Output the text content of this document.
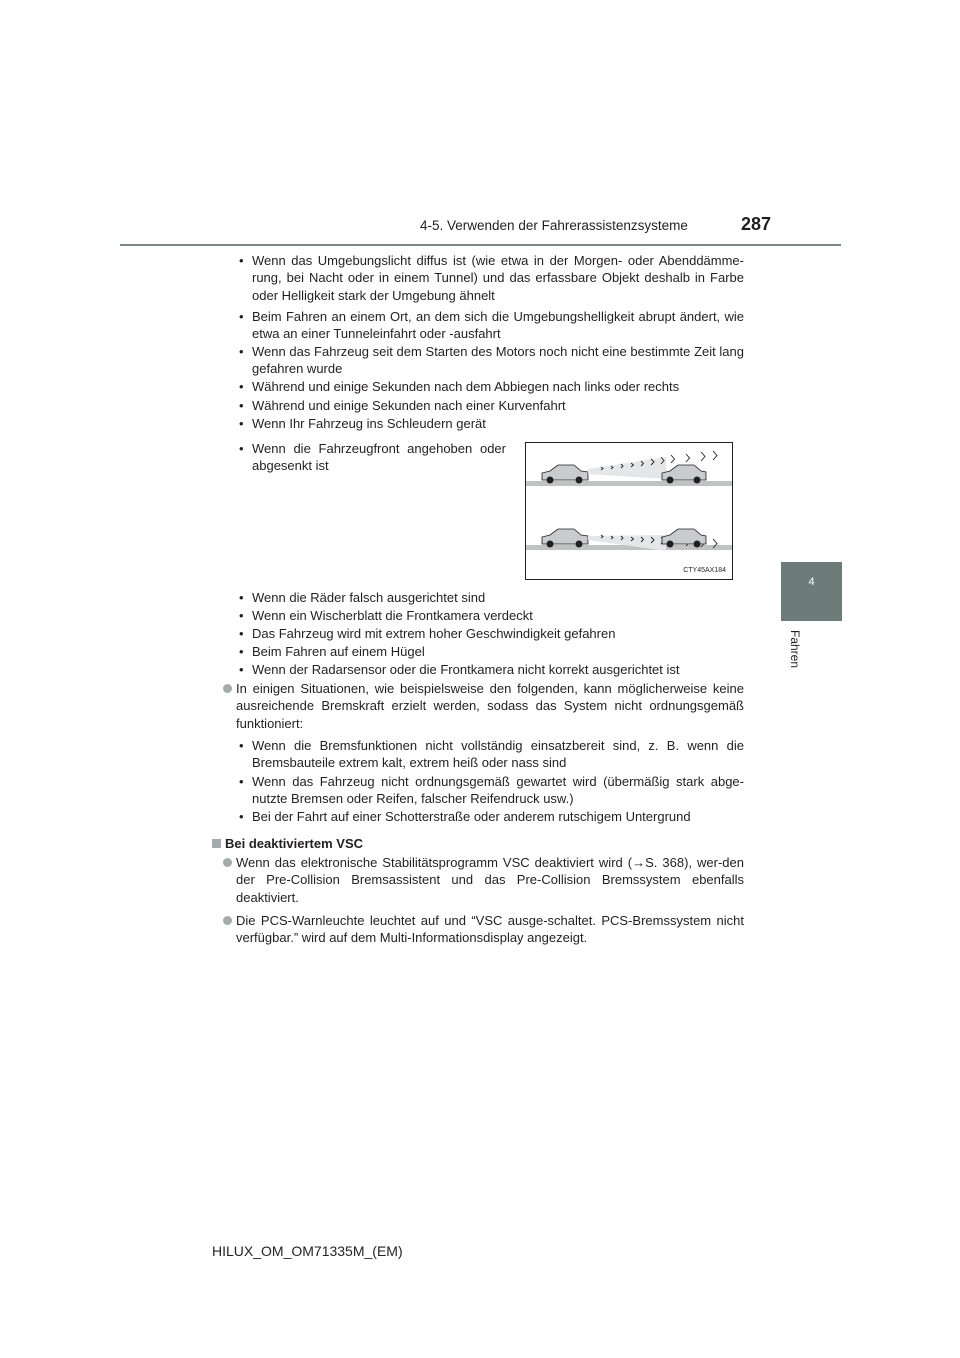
4-5. Verwenden der Fahrerassistenzsysteme	287
4
Fahren
• Wenn das Umgebungslicht diffus ist (wie etwa in der Morgen- oder Abenddämme-rung, bei Nacht oder in einem Tunnel) und das erfassbare Objekt deshalb in Farbe oder Helligkeit stark der Umgebung ähnelt
• Beim Fahren an einem Ort, an dem sich die Umgebungshelligkeit abrupt ändert, wie etwa an einer Tunneleinfahrt oder -ausfahrt
• Wenn das Fahrzeug seit dem Starten des Motors noch nicht eine bestimmte Zeit lang gefahren wurde
• Während und einige Sekunden nach dem Abbiegen nach links oder rechts
• Während und einige Sekunden nach einer Kurvenfahrt
• Wenn Ihr Fahrzeug ins Schleudern gerät
• Wenn die Fahrzeugfront angehoben oder abgesenkt ist
CTY45AX184
• Wenn die Räder falsch ausgerichtet sind
• Wenn ein Wischerblatt die Frontkamera verdeckt
• Das Fahrzeug wird mit extrem hoher Geschwindigkeit gefahren
• Beim Fahren auf einem Hügel
• Wenn der Radarsensor oder die Frontkamera nicht korrekt ausgerichtet ist
In einigen Situationen, wie beispielsweise den folgenden, kann möglicherweise keine ausreichende Bremskraft erzielt werden, sodass das System nicht ordnungsgemäß funktioniert:
• Wenn die Bremsfunktionen nicht vollständig einsatzbereit sind, z. B. wenn die Bremsbauteile extrem kalt, extrem heiß oder nass sind
• Wenn das Fahrzeug nicht ordnungsgemäß gewartet wird (übermäßig stark abge-nutzte Bremsen oder Reifen, falscher Reifendruck usw.)
• Bei der Fahrt auf einer Schotterstraße oder anderem rutschigem Untergrund
Bei deaktiviertem VSC
Wenn das elektronische Stabilitätsprogramm VSC deaktiviert wird (→S. 368), wer-den der Pre-Collision Bremsassistent und das Pre-Collision Bremssystem ebenfalls deaktiviert.
Die PCS-Warnleuchte leuchtet auf und “VSC ausge-schaltet. PCS-Bremssystem nicht verfügbar.” wird auf dem Multi-Informationsdisplay angezeigt.
HILUX_OM_OM71335M_(EM)
